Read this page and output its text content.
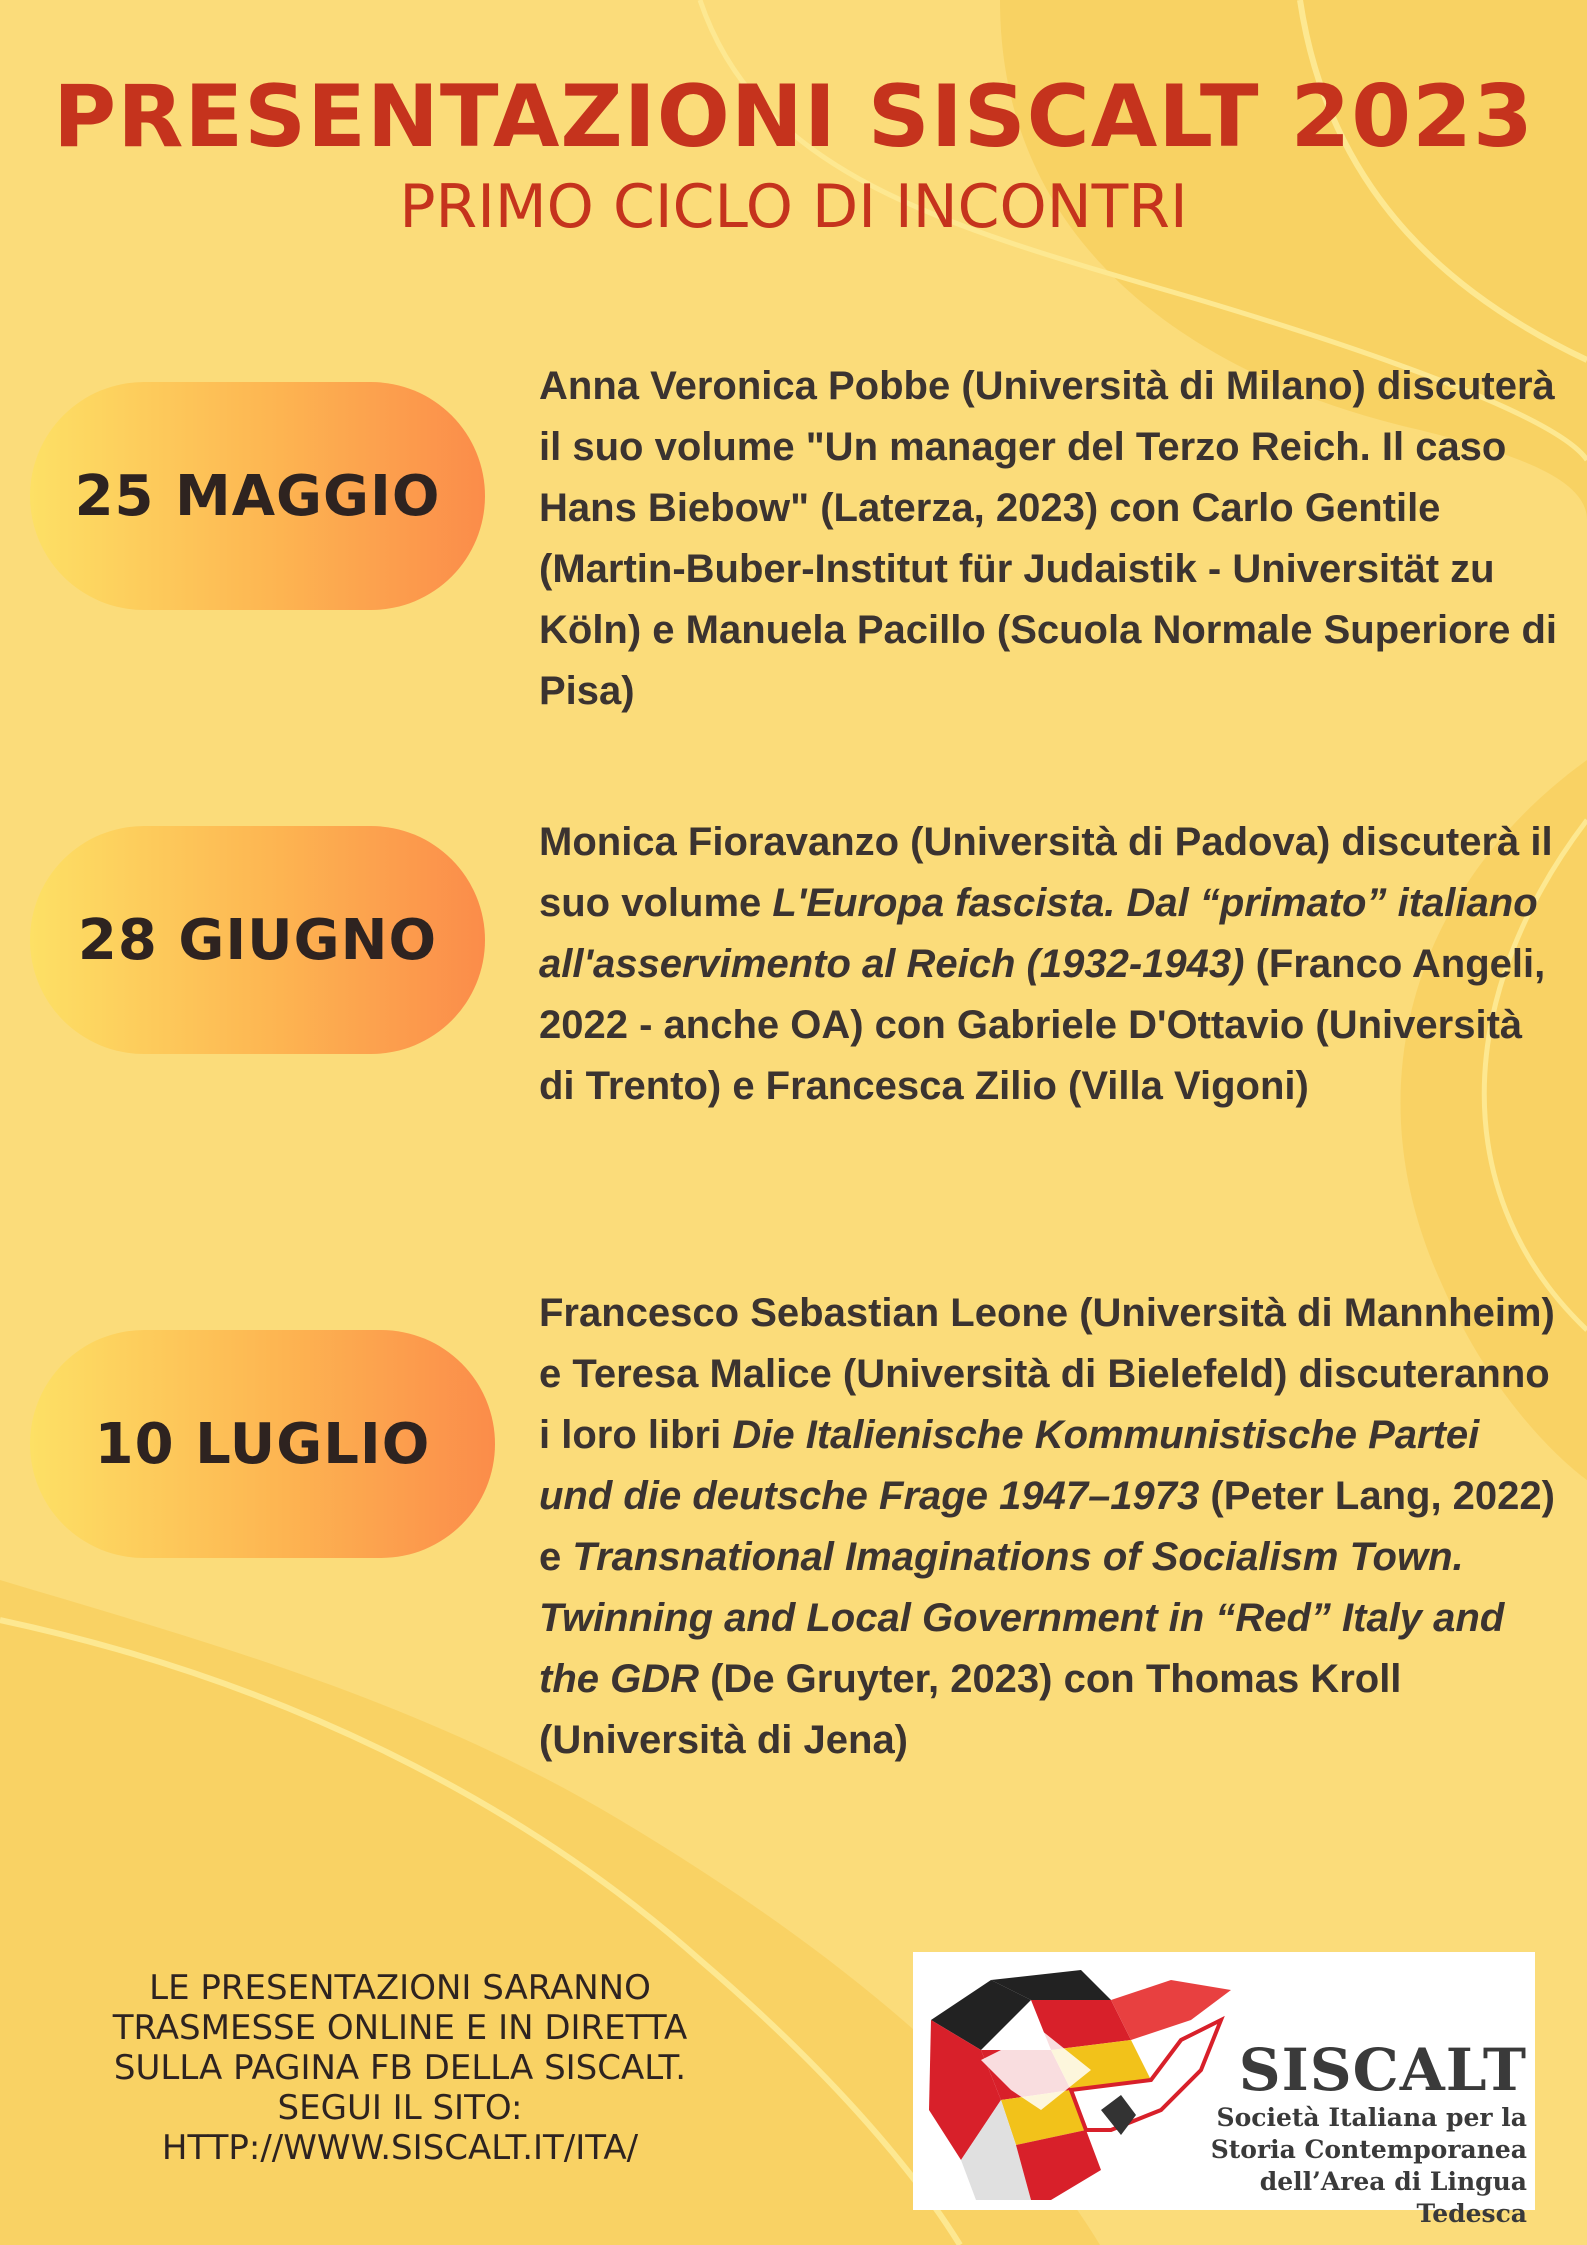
PRESENTAZIONI SISCALT 2023
PRIMO CICLO DI INCONTRI
25 MAGGIO
Anna Veronica Pobbe (Università di Milano) discuterà il suo volume "Un manager del Terzo Reich. Il caso Hans Biebow" (Laterza, 2023) con Carlo Gentile (Martin-Buber-Institut für Judaistik - Universität zu Köln) e Manuela Pacillo (Scuola Normale Superiore di Pisa)
28 GIUGNO
Monica Fioravanzo (Università di Padova) discuterà il suo volume L'Europa fascista. Dal “primato” italiano all'asservimento al Reich (1932-1943) (Franco Angeli, 2022 - anche OA) con Gabriele D'Ottavio (Università di Trento) e Francesca Zilio (Villa Vigoni)
10 LUGLIO
Francesco Sebastian Leone (Università di Mannheim) e Teresa Malice (Università di Bielefeld) discuteranno i loro libri Die Italienische Kommunistische Partei und die deutsche Frage 1947–1973 (Peter Lang, 2022) e Transnational Imaginations of Socialism Town. Twinning and Local Government in “Red” Italy and the GDR (De Gruyter, 2023) con Thomas Kroll (Università di Jena)
LE PRESENTAZIONI SARANNO
TRASMESSE ONLINE E IN DIRETTA
SULLA PAGINA FB DELLA SISCALT.
SEGUI IL SITO:
HTTP://WWW.SISCALT.IT/ITA/
SISCALT
Società Italiana per la
Storia Contemporanea
dell’Area di Lingua Tedesca
